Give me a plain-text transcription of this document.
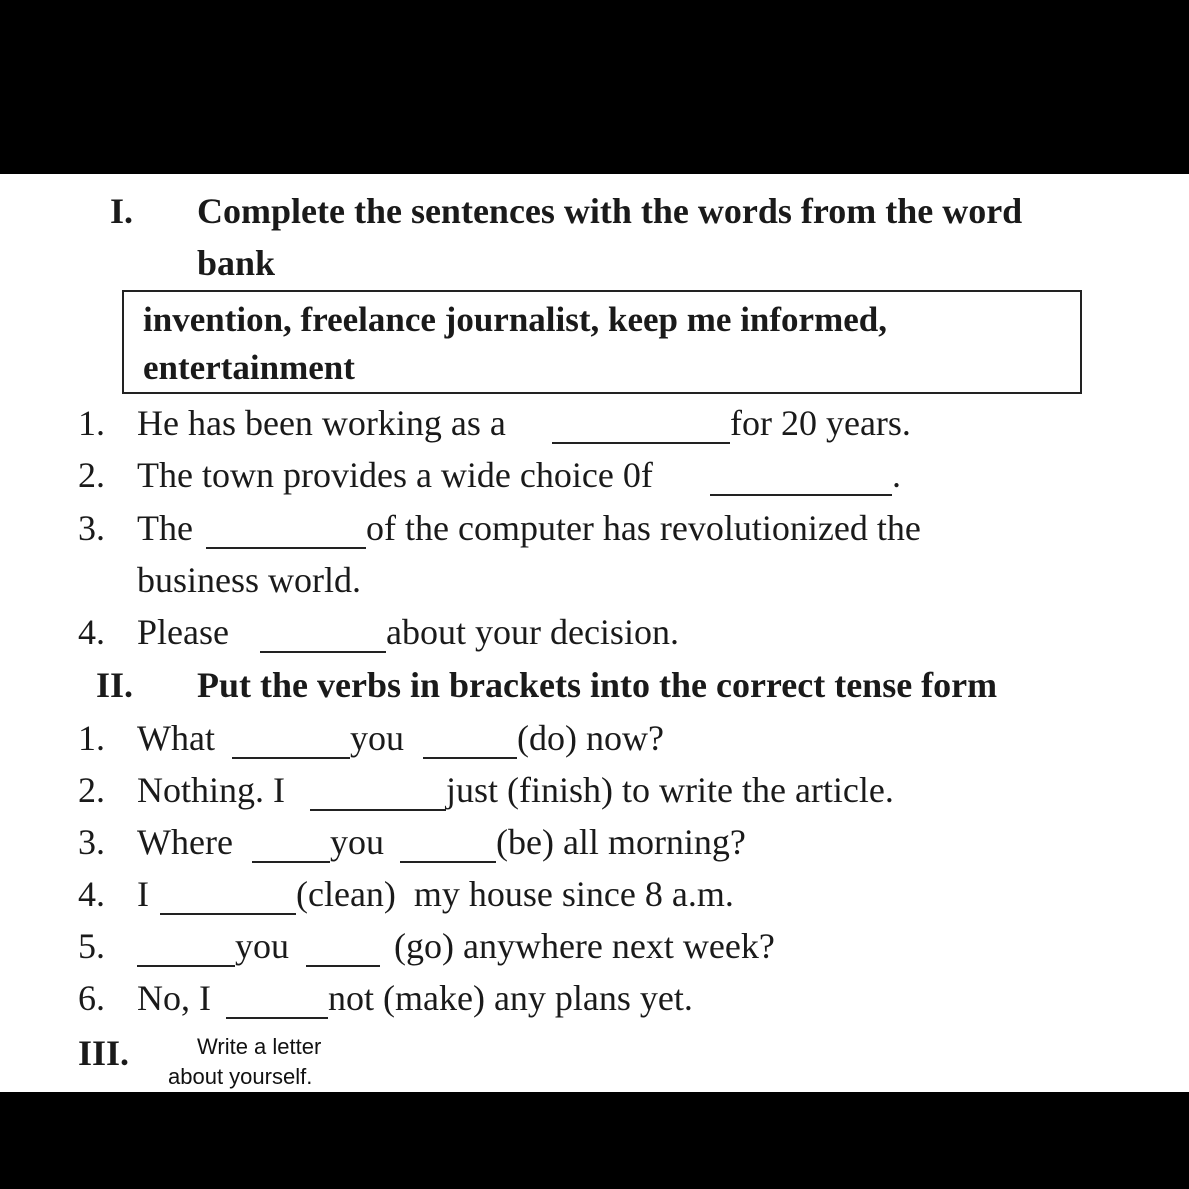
I. Complete the sentences with the words from the word
bank
invention, freelance journalist, keep me informed,
entertainment
1. He has been working as a	for 20 years.
2. The town provides a wide choice 0f	.
3. The	of the computer has revolutionized the
business world.
4. Please	about your decision.
II. Put the verbs in brackets into the correct tense form
1. What	you	(do) now?
2. Nothing. I	just (finish) to write the article.
3. Where	you	(be) all morning?
4. I	(clean)  my house since 8 a.m.
5.	you	(go) anywhere next week?
6. No, I	not (make) any plans yet.
III.	Write a letter
about yourself.
